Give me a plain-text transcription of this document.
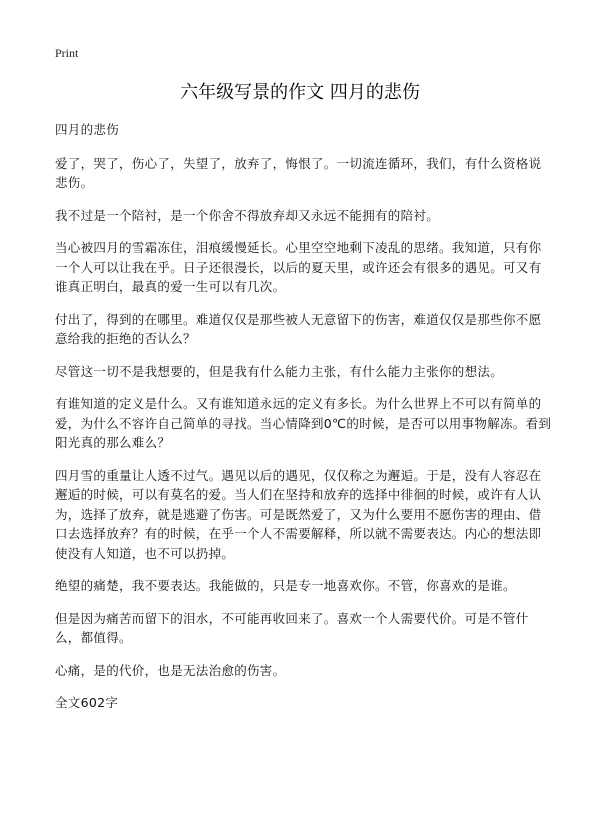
Print
六年级写景的作文 四月的悲伤

四月的悲伤

爱了，哭了，伤心了，失望了，放弃了，悔恨了。一切流连循环，我们，有什么资格说悲伤。

我不过是一个陪衬，是一个你舍不得放弃却又永远不能拥有的陪衬。

当心被四月的雪霜冻住，泪痕缓慢延长。心里空空地剩下凌乱的思绪。我知道，只有你一个人可以让我在乎。日子还很漫长，以后的夏天里，或许还会有很多的遇见。可又有谁真正明白，最真的爱一生可以有几次。

付出了，得到的在哪里。难道仅仅是那些被人无意留下的伤害，难道仅仅是那些你不愿意给我的拒绝的否认么？

尽管这一切不是我想要的，但是我有什么能力主张，有什么能力主张你的想法。

有谁知道的定义是什么。又有谁知道永远的定义有多长。为什么世界上不可以有简单的爱，为什么不容许自己简单的寻找。当心情降到0℃的时候，是否可以用事物解冻。看到阳光真的那么难么？

四月雪的重量让人透不过气。遇见以后的遇见，仅仅称之为邂逅。于是，没有人容忍在邂逅的时候，可以有莫名的爱。当人们在坚持和放弃的选择中徘徊的时候，或许有人认为，选择了放弃，就是逃避了伤害。可是既然爱了，又为什么要用不愿伤害的理由、借口去选择放弃？有的时候，在乎一个人不需要解释，所以就不需要表达。内心的想法即使没有人知道，也不可以扔掉。

绝望的痛楚，我不要表达。我能做的，只是专一地喜欢你。不管，你喜欢的是谁。

但是因为痛苦而留下的泪水，不可能再收回来了。喜欢一个人需要代价。可是不管什么，都值得。

心痛，是的代价，也是无法治愈的伤害。

全文602字
